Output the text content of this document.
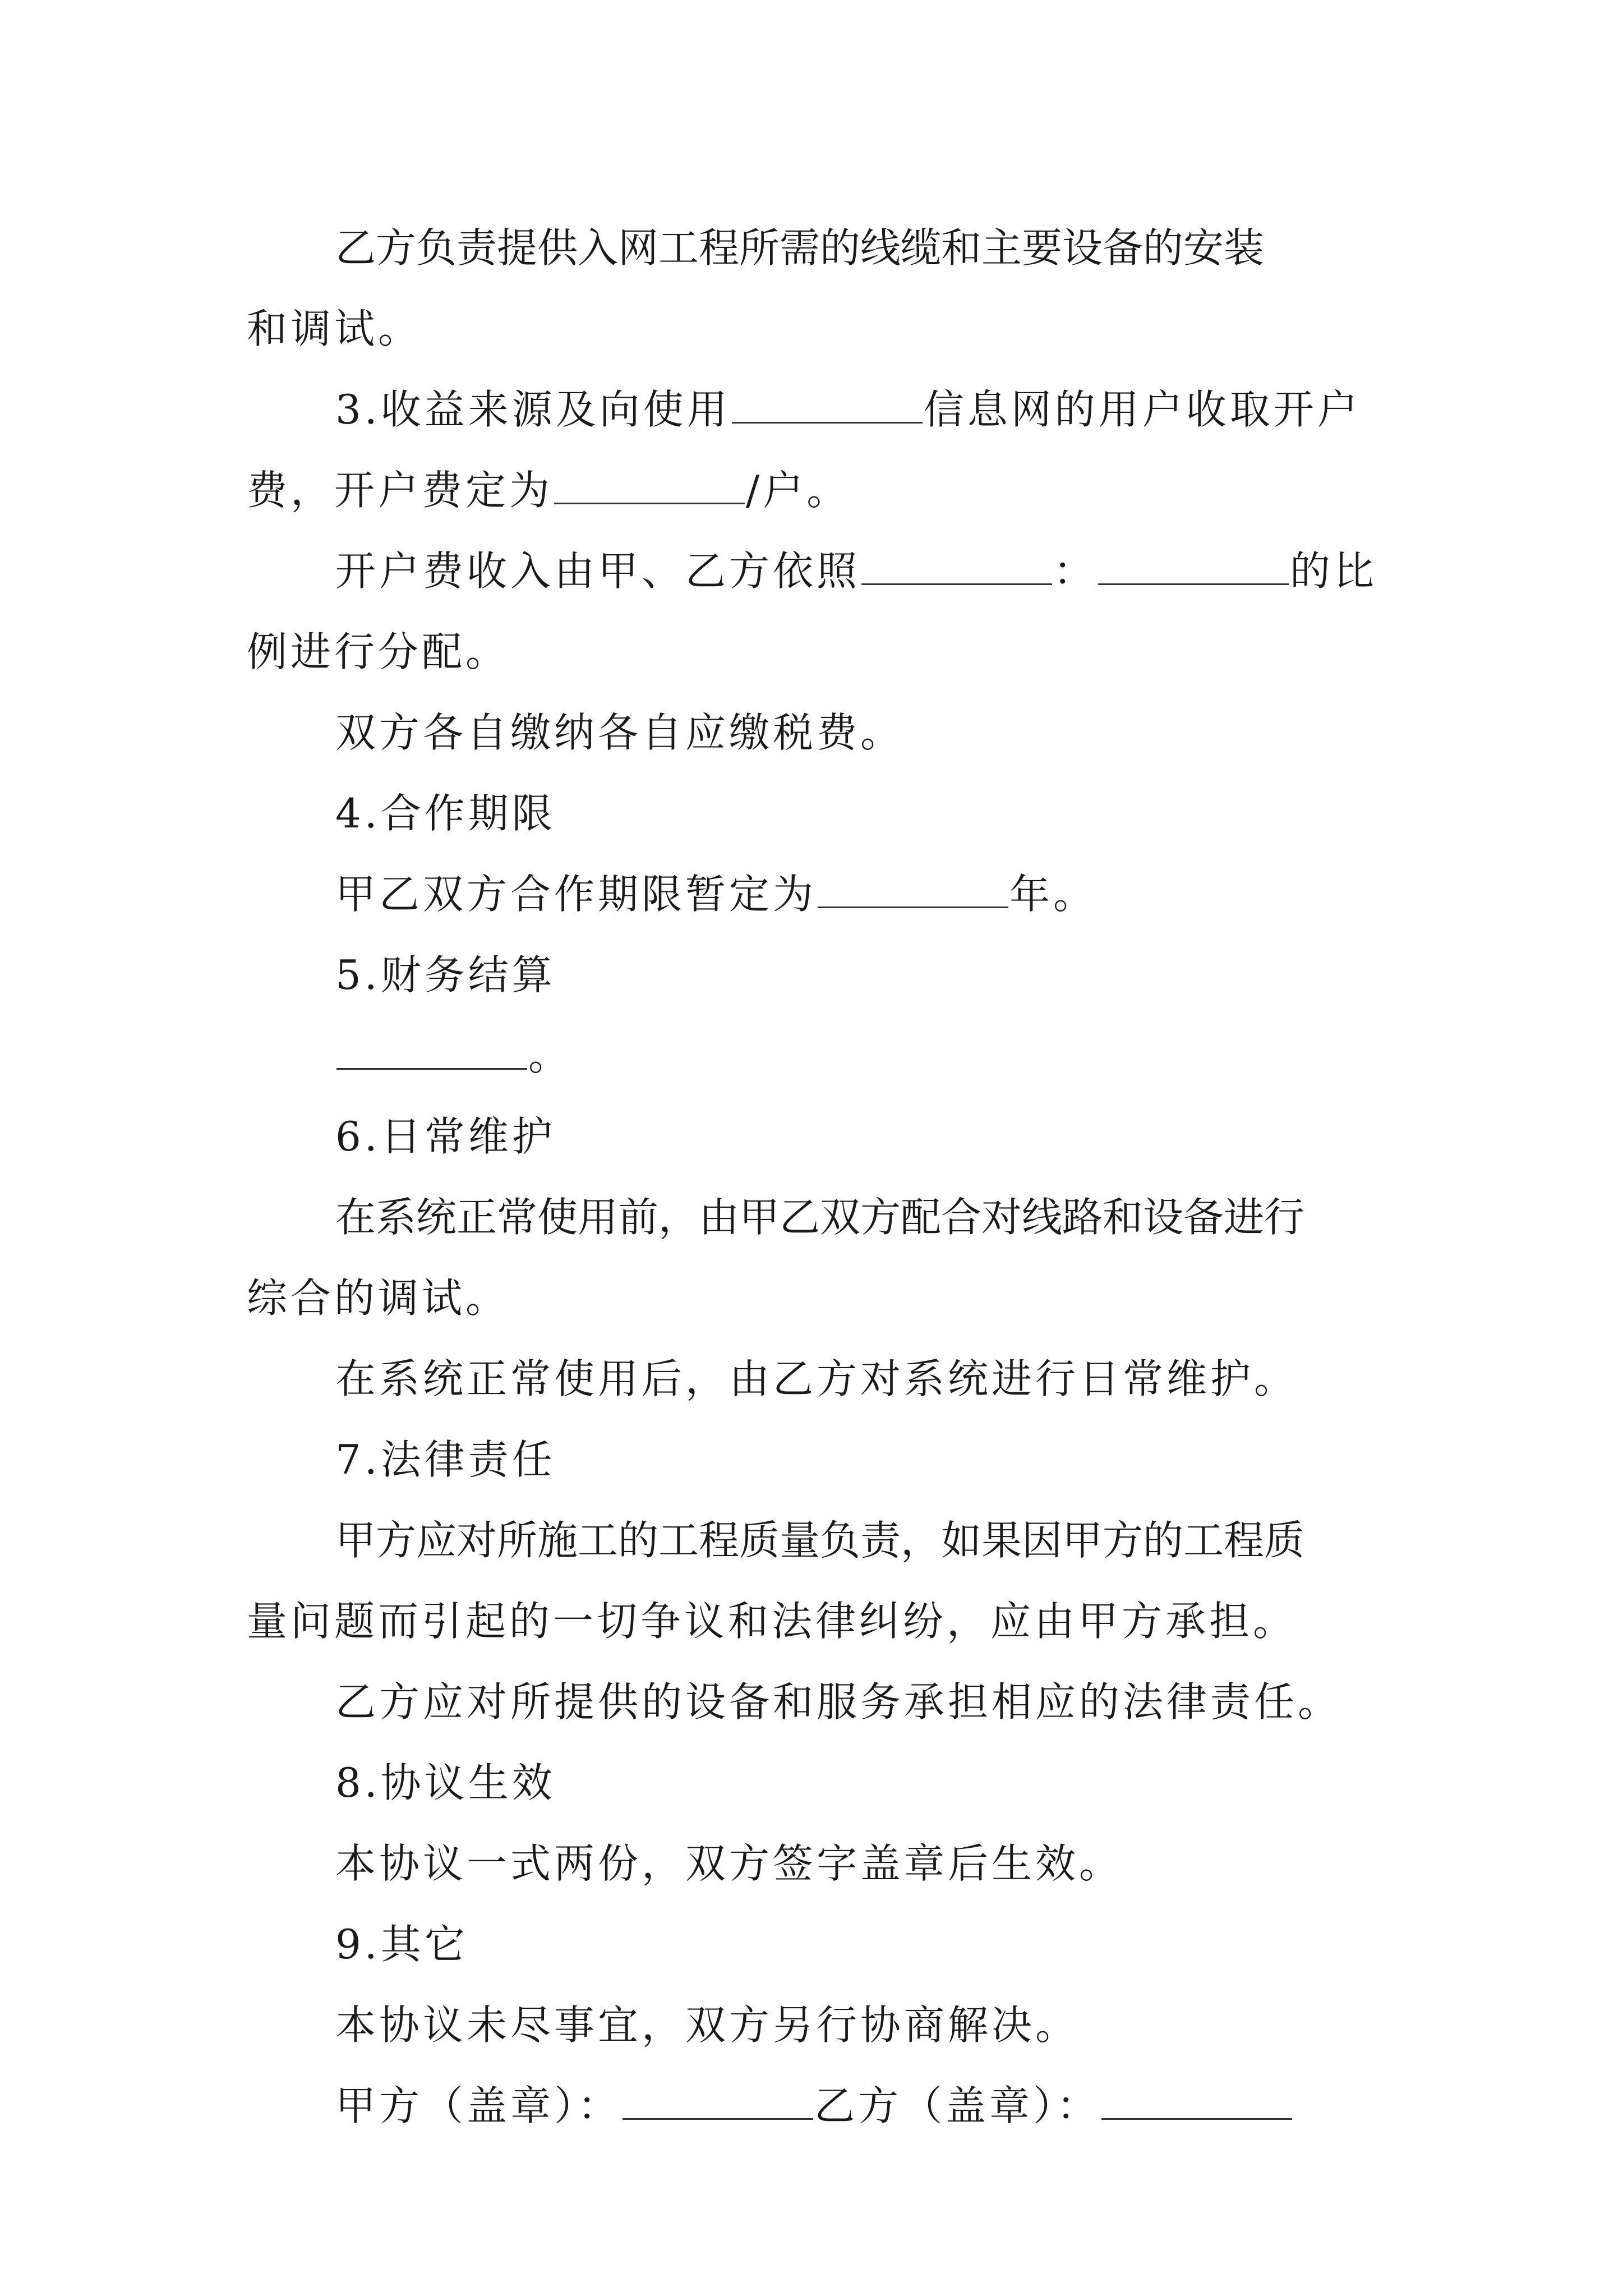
乙方负责提供入网工程所需的线缆和主要设备的安装
和调试。
3.收益来源及向使用	信息网的用户收取开户
费，开户费定为	/户。
开户费收入由甲、乙方依照	：	的比
例进行分配。
双方各自缴纳各自应缴税费。
4.合作期限
甲乙双方合作期限暂定为	年。
5.财务结算
。
6.日常维护
在系统正常使用前，由甲乙双方配合对线路和设备进行
综合的调试。
在系统正常使用后，由乙方对系统进行日常维护。
7.法律责任
甲方应对所施工的工程质量负责，如果因甲方的工程质
量问题而引起的一切争议和法律纠纷，应由甲方承担。
乙方应对所提供的设备和服务承担相应的法律责任。
8.协议生效
本协议一式两份，双方签字盖章后生效。
9.其它
本协议未尽事宜，双方另行协商解决。
甲方（盖章）：	乙方（盖章）：
